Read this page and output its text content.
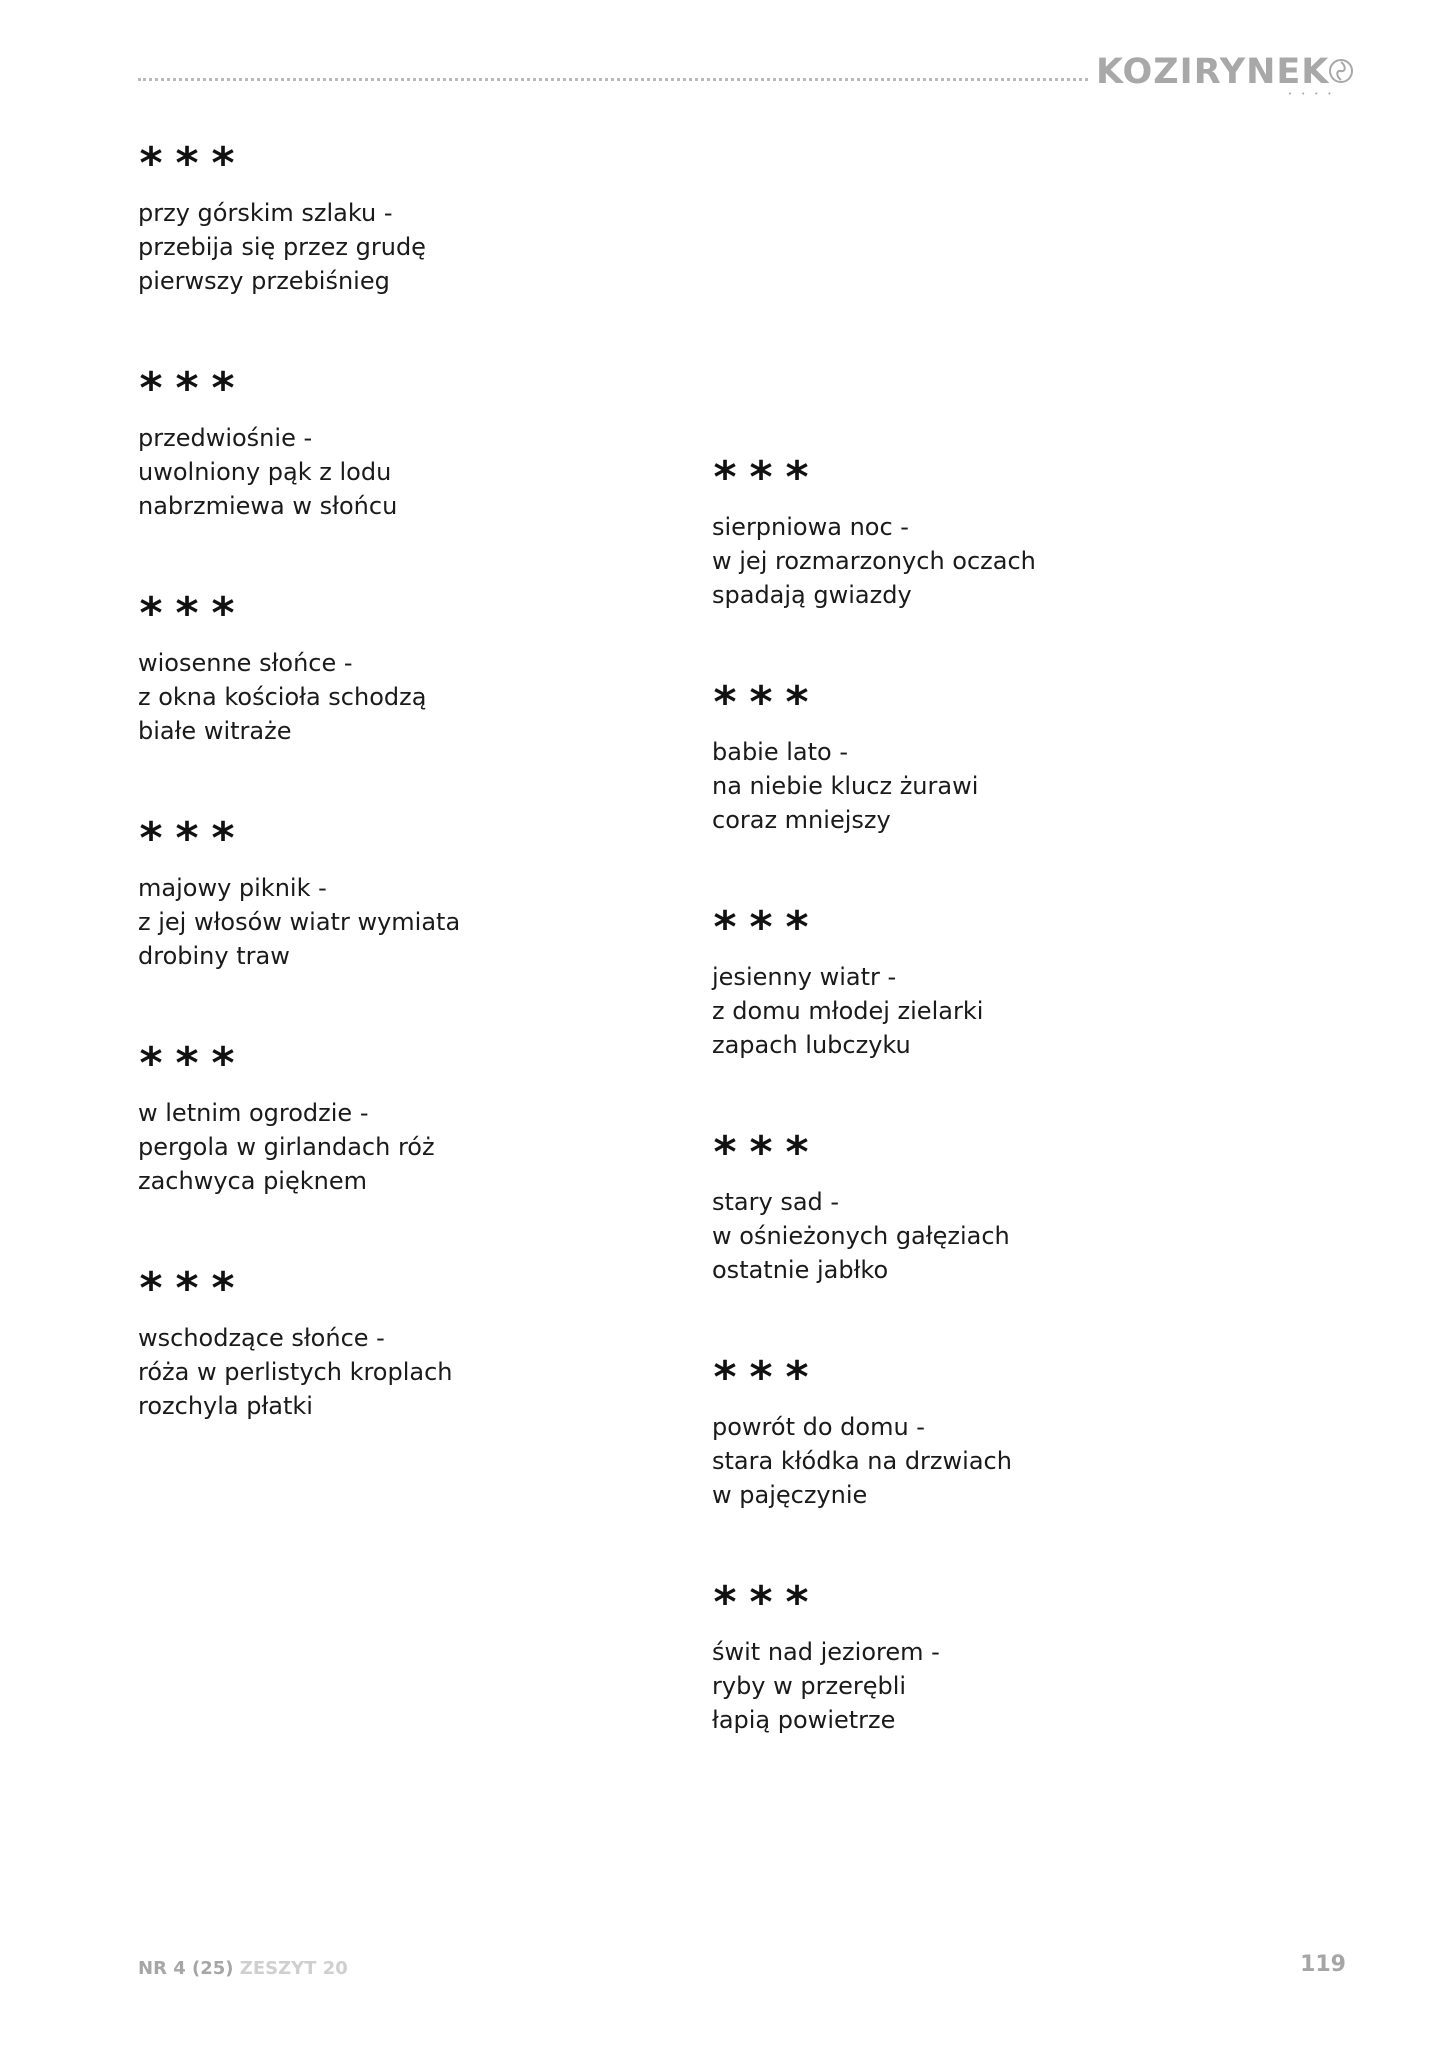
KOZIRYNEK
••••
* * *
przy górskim szlaku -
przebija się przez grudę
pierwszy przebiśnieg
* * *
przedwiośnie -
uwolniony pąk z lodu
nabrzmiewa w słońcu
* * *
wiosenne słońce -
z okna kościoła schodzą
białe witraże
* * *
majowy piknik -
z jej włosów wiatr wymiata
drobiny traw
* * *
w letnim ogrodzie -
pergola w girlandach róż
zachwyca pięknem
* * *
wschodzące słońce -
róża w perlistych kroplach
rozchyla płatki
* * *
sierpniowa noc -
w jej rozmarzonych oczach
spadają gwiazdy
* * *
babie lato -
na niebie klucz żurawi
coraz mniejszy
* * *
jesienny wiatr -
z domu młodej zielarki
zapach lubczyku
* * *
stary sad -
w ośnieżonych gałęziach
ostatnie jabłko
* * *
powrót do domu -
stara kłódka na drzwiach
w pajęczynie
* * *
świt nad jeziorem -
ryby w przerębli
łapią powietrze
NR 4 (25) ZESZYT 20	119
